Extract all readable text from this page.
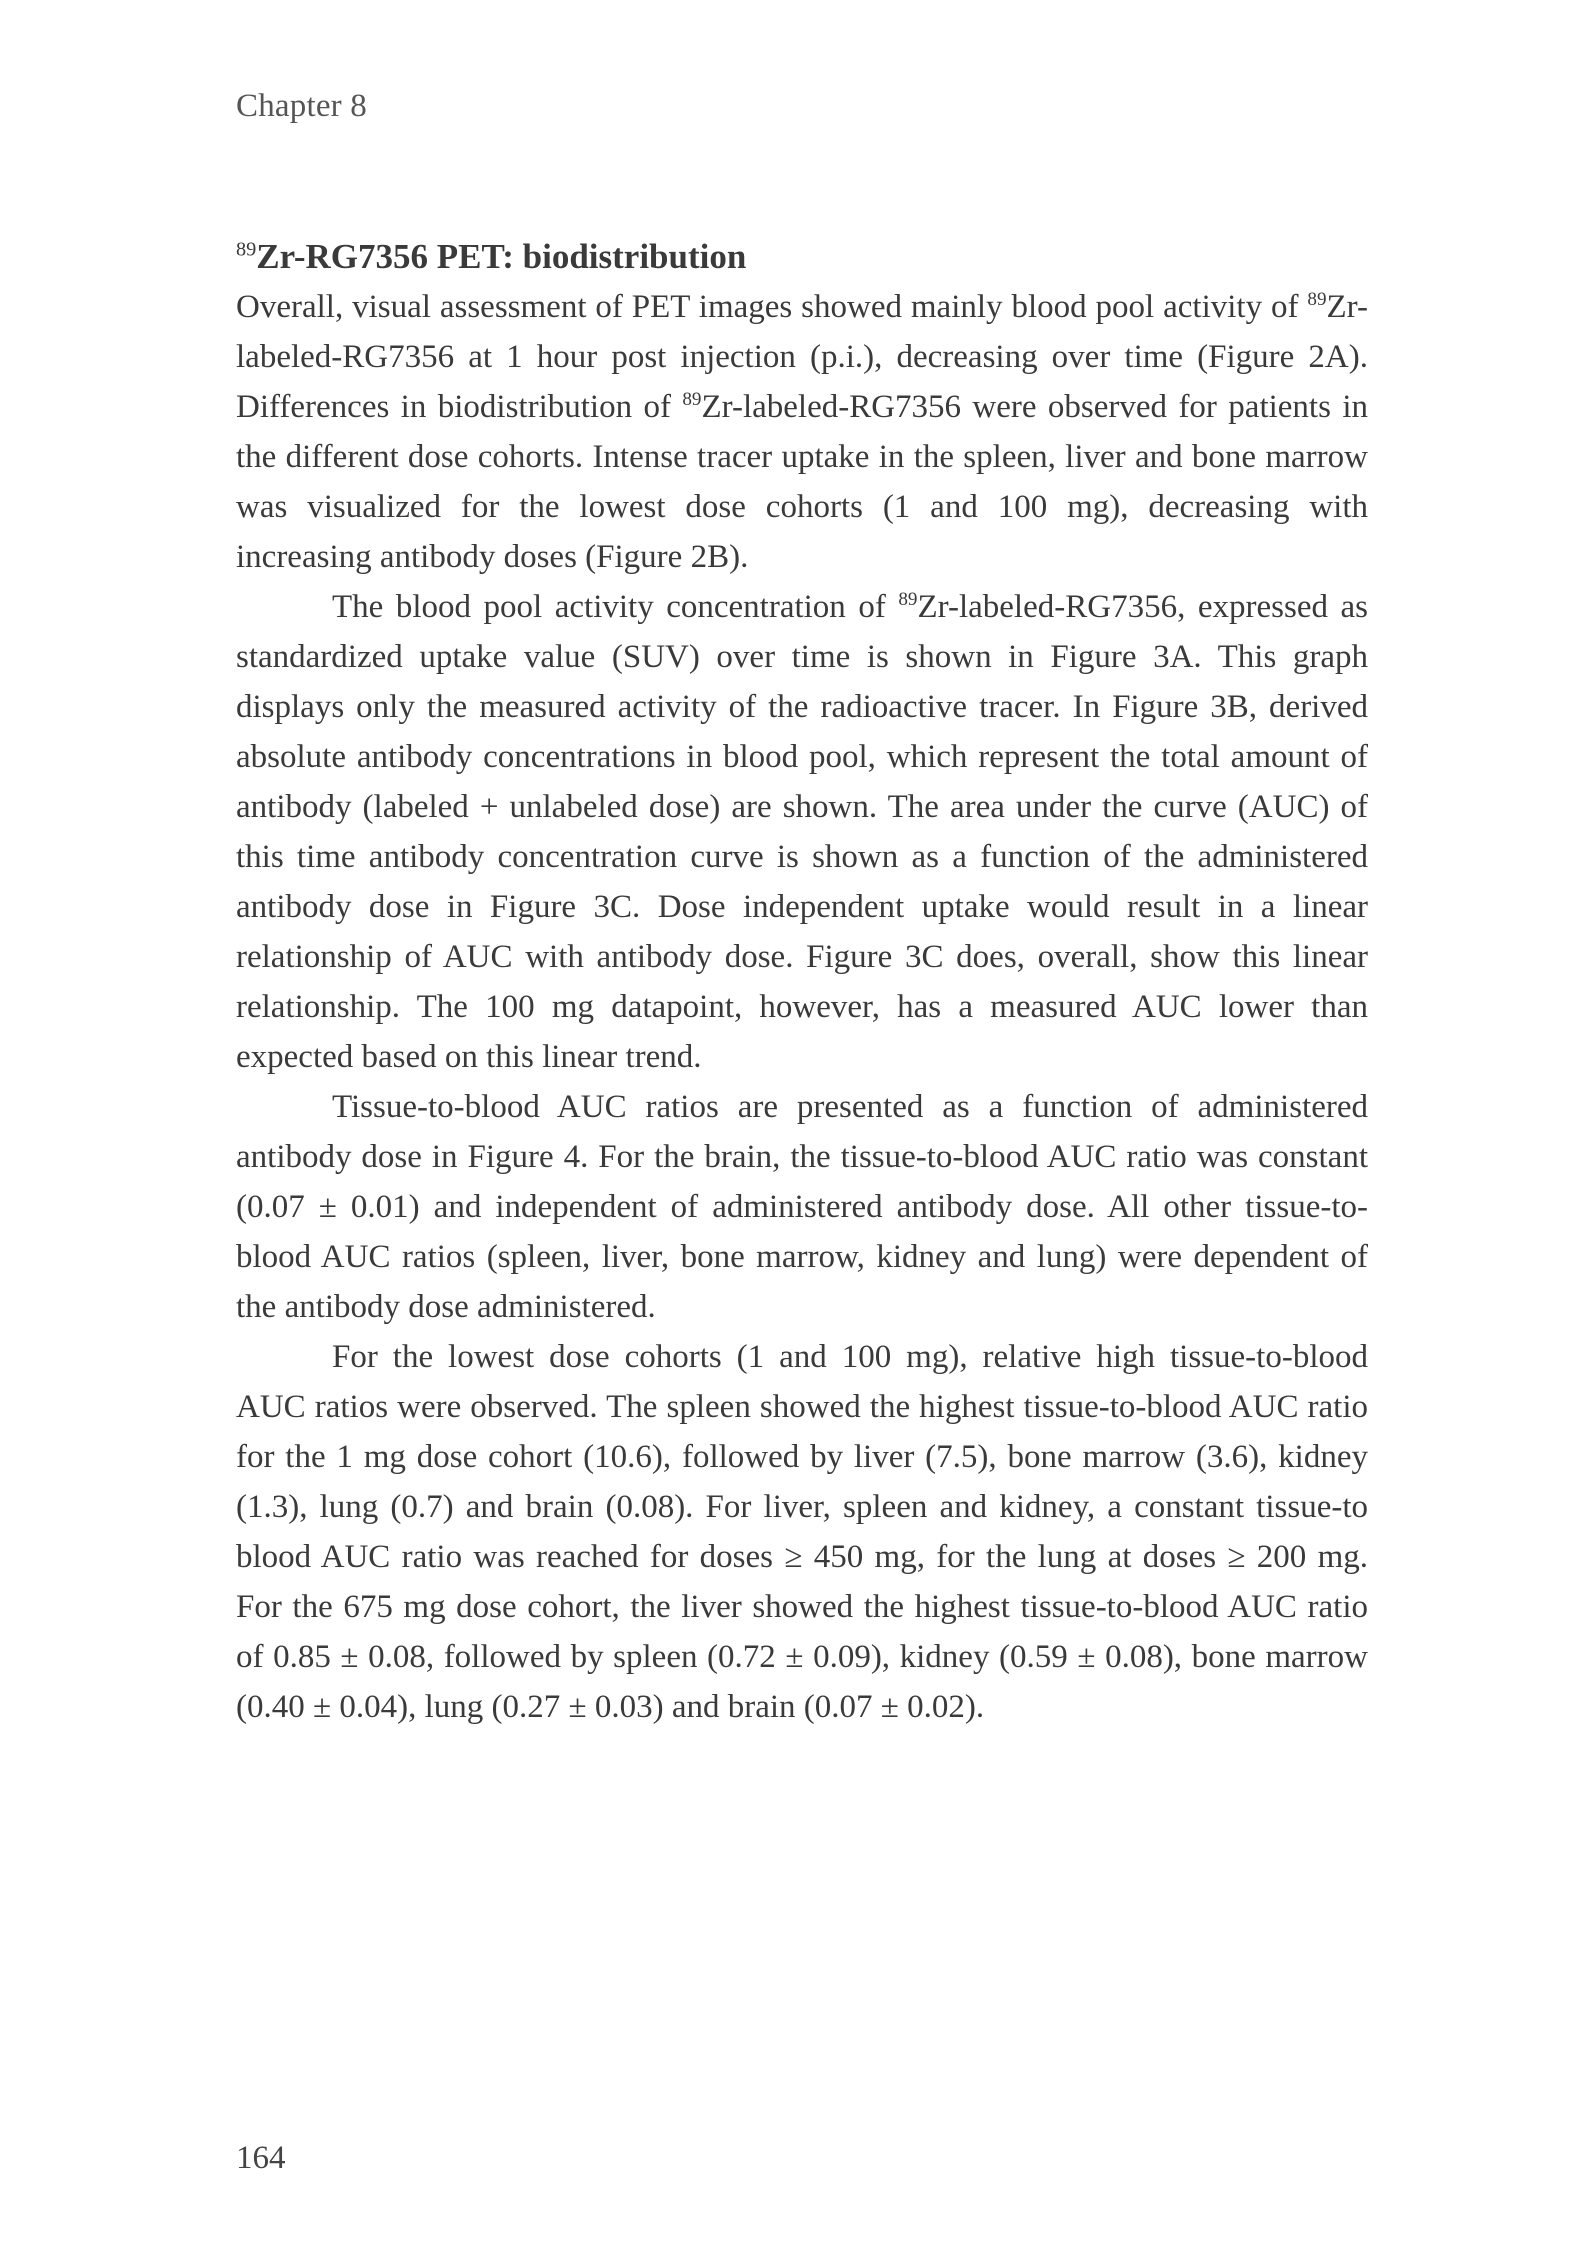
Chapter 8
$^{89}$Zr-RG7356 PET: biodistribution

Overall, visual assessment of PET images showed mainly blood pool activity of $^{89}$Zr-labeled-RG7356 at 1 hour post injection (p.i.), decreasing over time (Figure 2A). Differences in biodistribution of $^{89}$Zr-labeled-RG7356 were observed for patients in the different dose cohorts. Intense tracer uptake in the spleen, liver and bone marrow was visualized for the lowest dose cohorts (1 and 100 mg), decreasing with increasing antibody doses (Figure 2B).

The blood pool activity concentration of $^{89}$Zr-labeled-RG7356, expressed as standardized uptake value (SUV) over time is shown in Figure 3A. This graph displays only the measured activity of the radioactive tracer. In Figure 3B, derived absolute antibody concentrations in blood pool, which represent the total amount of antibody (labeled + unlabeled dose) are shown. The area under the curve (AUC) of this time antibody concentration curve is shown as a function of the administered antibody dose in Figure 3C. Dose independent uptake would result in a linear relationship of AUC with antibody dose. Figure 3C does, overall, show this linear relationship. The 100 mg datapoint, however, has a measured AUC lower than expected based on this linear trend.

Tissue-to-blood AUC ratios are presented as a function of administered antibody dose in Figure 4. For the brain, the tissue-to-blood AUC ratio was constant (0.07 ± 0.01) and independent of administered antibody dose. All other tissue-to-blood AUC ratios (spleen, liver, bone marrow, kidney and lung) were dependent of the antibody dose administered.

For the lowest dose cohorts (1 and 100 mg), relative high tissue-to-blood AUC ratios were observed. The spleen showed the highest tissue-to-blood AUC ratio for the 1 mg dose cohort (10.6), followed by liver (7.5), bone marrow (3.6), kidney (1.3), lung (0.7) and brain (0.08). For liver, spleen and kidney, a constant tissue-to blood AUC ratio was reached for doses ≥ 450 mg, for the lung at doses ≥ 200 mg. For the 675 mg dose cohort, the liver showed the highest tissue-to-blood AUC ratio of 0.85 ± 0.08, followed by spleen (0.72 ± 0.09), kidney (0.59 ± 0.08), bone marrow (0.40 ± 0.04), lung (0.27 ± 0.03) and brain (0.07 ± 0.02).

164
